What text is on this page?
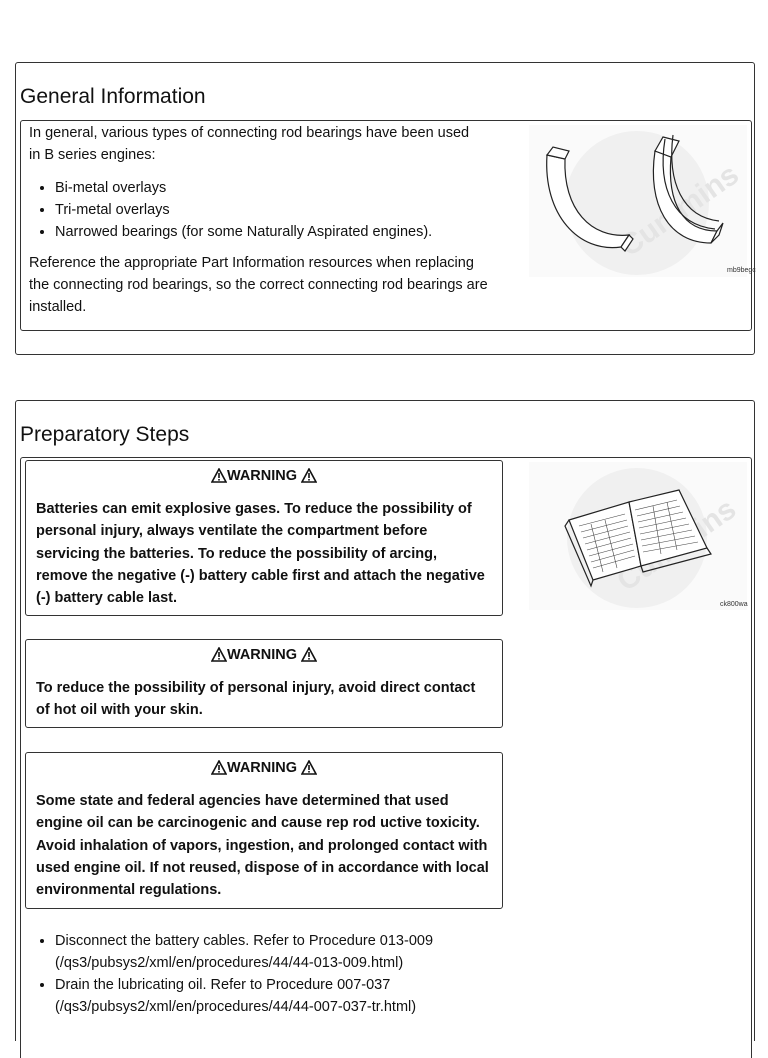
General Information
In general, various types of connecting rod bearings have been used in B series engines:
• Bi-metal overlays
• Tri-metal overlays
• Narrowed bearings (for some Naturally Aspirated engines).
Reference the appropriate Part Information resources when replacing the connecting rod bearings, so the correct connecting rod bearings are installed.
mb9begc
Preparatory Steps
WARNING
Batteries can emit explosive gases. To reduce the possibility of personal injury, always ventilate the compartment before servicing the batteries. To reduce the possibility of arcing, remove the negative (-) battery cable first and attach the negative (-) battery cable last.
WARNING
To reduce the possibility of personal injury, avoid direct contact of hot oil with your skin.
WARNING
Some state and federal agencies have determined that used engine oil can be carcinogenic and cause rep rod uctive toxicity. Avoid inhalation of vapors, ingestion, and prolonged contact with used engine oil. If not reused, dispose of in accordance with local environmental regulations.
• Disconnect the battery cables. Refer to Procedure 013-009
(/qs3/pubsys2/xml/en/procedures/44/44-013-009.html)
• Drain the lubricating oil. Refer to Procedure 007-037
(/qs3/pubsys2/xml/en/procedures/44/44-007-037-tr.html)
ck800wa
